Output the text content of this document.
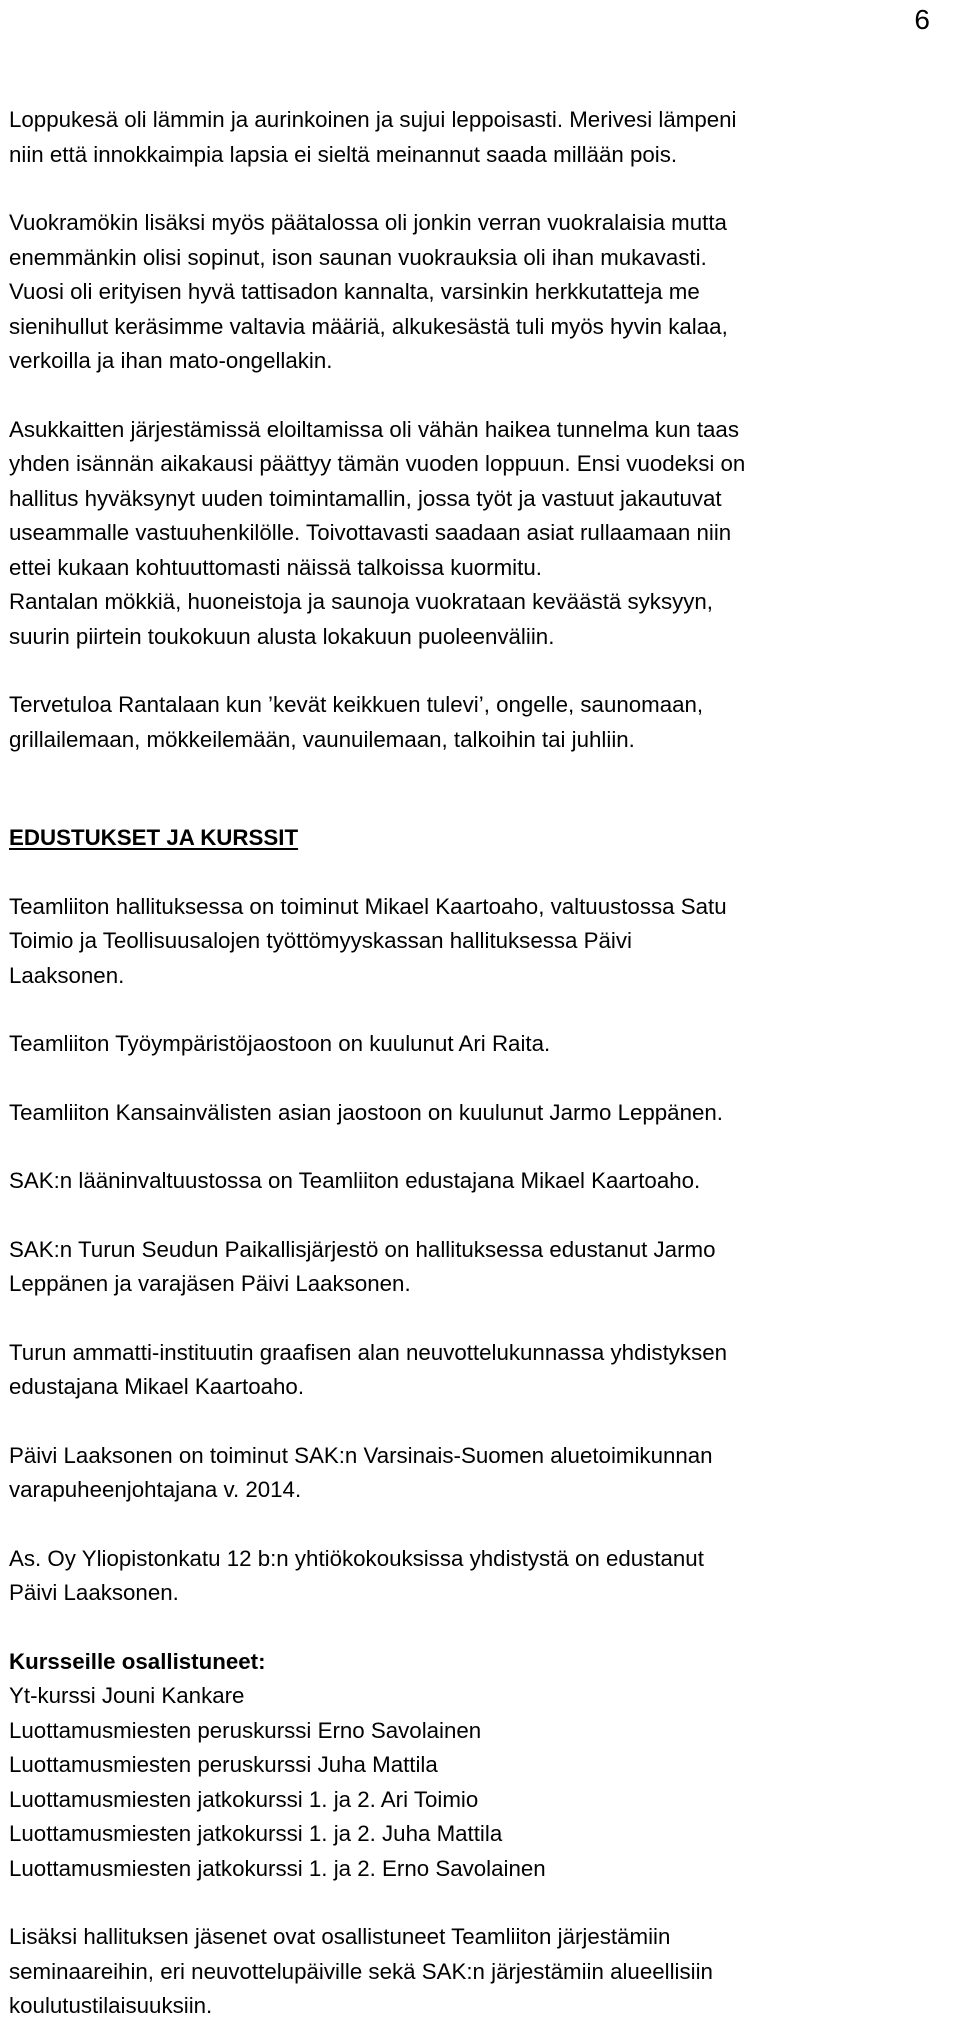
6

Loppukesä oli lämmin ja aurinkoinen ja sujui leppoisasti. Merivesi lämpeni
niin että innokkaimpia lapsia ei sieltä meinannut saada millään pois.

Vuokramökin lisäksi myös päätalossa oli jonkin verran vuokralaisia mutta
enemmänkin olisi sopinut, ison saunan vuokrauksia oli ihan mukavasti.
Vuosi oli erityisen hyvä tattisadon kannalta, varsinkin herkkutatteja me
sienihullut keräsimme valtavia määriä, alkukesästä tuli myös hyvin kalaa,
verkoilla ja ihan mato-ongellakin.

Asukkaitten järjestämissä eloiltamissa oli vähän haikea tunnelma kun taas
yhden isännän aikakausi päättyy tämän vuoden loppuun. Ensi vuodeksi on
hallitus hyväksynyt uuden toimintamallin, jossa työt ja vastuut jakautuvat
useammalle vastuuhenkilölle. Toivottavasti saadaan asiat rullaamaan niin
ettei kukaan kohtuuttomasti näissä talkoissa kuormitu.
Rantalan mökkiä, huoneistoja ja saunoja vuokrataan keväästä syksyyn,
suurin piirtein toukokuun alusta lokakuun puoleenväliin.

Tervetuloa Rantalaan kun ’kevät keikkuen tulevi’, ongelle, saunomaan,
grillailemaan, mökkeilemään, vaunuilemaan, talkoihin tai juhliin.

EDUSTUKSET JA KURSSIT

Teamliiton hallituksessa on toiminut Mikael Kaartoaho, valtuustossa Satu
Toimio ja Teollisuusalojen työttömyyskassan hallituksessa Päivi
Laaksonen.

Teamliiton Työympäristöjaostoon on kuulunut Ari Raita.

Teamliiton Kansainvälisten asian jaostoon on kuulunut Jarmo Leppänen.

SAK:n lääninvaltuustossa on Teamliiton edustajana Mikael Kaartoaho.

SAK:n Turun Seudun Paikallisjärjestö on hallituksessa edustanut Jarmo
Leppänen ja varajäsen Päivi Laaksonen.

Turun ammatti-instituutin graafisen alan neuvottelukunnassa yhdistyksen
edustajana Mikael Kaartoaho.

Päivi Laaksonen on toiminut SAK:n Varsinais-Suomen aluetoimikunnan
varapuheenjohtajana v. 2014.

As. Oy Yliopistonkatu 12 b:n yhtiökokouksissa yhdistystä on edustanut
Päivi Laaksonen.

Kursseille osallistuneet:

Yt-kurssi Jouni Kankare
Luottamusmiesten peruskurssi Erno Savolainen
Luottamusmiesten peruskurssi Juha Mattila
Luottamusmiesten jatkokurssi 1. ja 2. Ari Toimio
Luottamusmiesten jatkokurssi 1. ja 2. Juha Mattila
Luottamusmiesten jatkokurssi 1. ja 2. Erno Savolainen

Lisäksi hallituksen jäsenet ovat osallistuneet Teamliiton järjestämiin
seminaareihin, eri neuvottelupäiville sekä SAK:n järjestämiin alueellisiin
koulutustilaisuuksiin.
